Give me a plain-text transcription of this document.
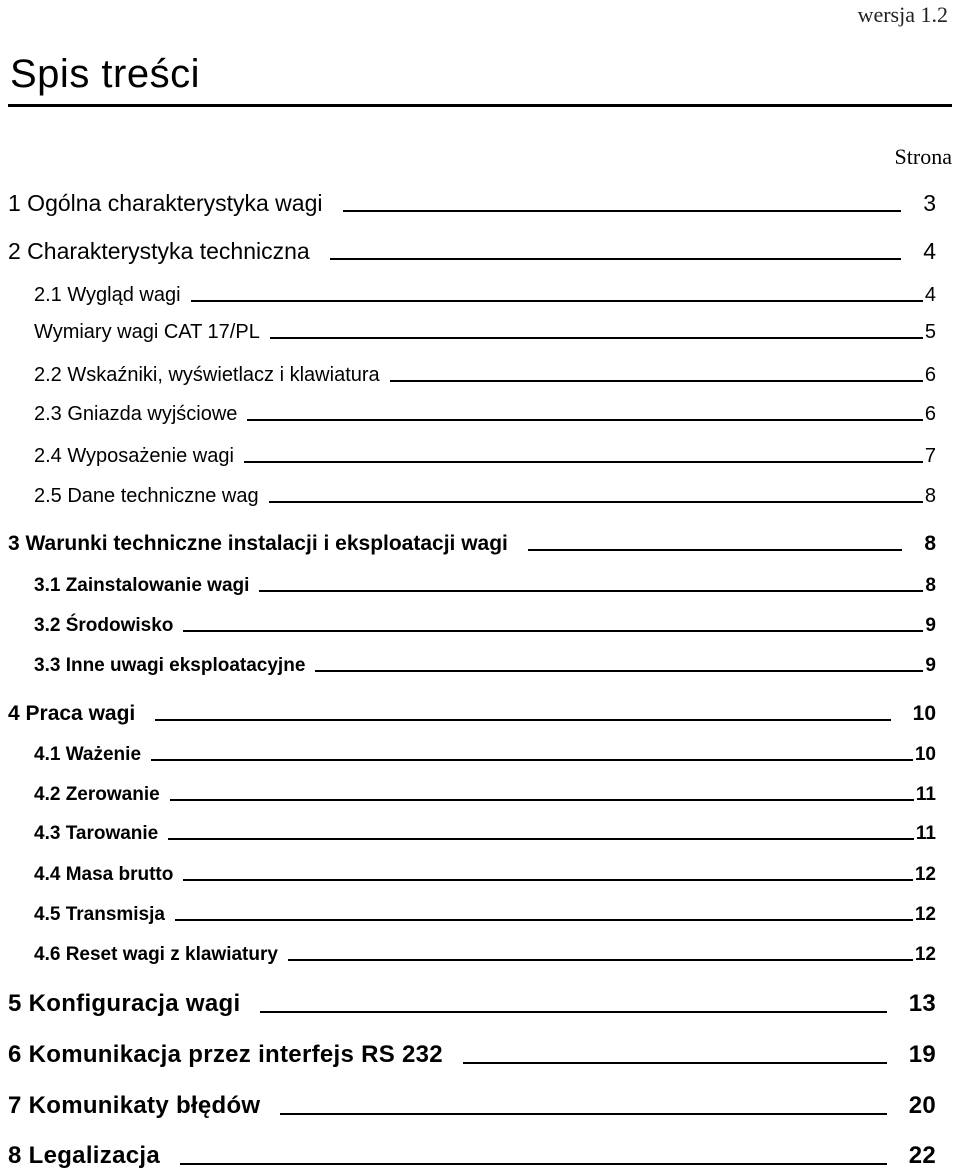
wersja 1.2
Spis treści
Strona
1 Ogólna charakterystyka wagi	3
2 Charakterystyka techniczna	4
2.1 Wygląd wagi	4
Wymiary wagi CAT 17/PL	5
2.2 Wskaźniki, wyświetlacz i klawiatura	6
2.3 Gniazda wyjściowe	6
2.4 Wyposażenie wagi	7
2.5 Dane techniczne wag	8
3 Warunki techniczne instalacji i eksploatacji wagi	8
3.1 Zainstalowanie wagi	8
3.2 Środowisko	9
3.3 Inne uwagi eksploatacyjne	9
4 Praca wagi	10
4.1 Ważenie	10
4.2 Zerowanie	11
4.3 Tarowanie	11
4.4 Masa brutto	12
4.5 Transmisja	12
4.6 Reset wagi z klawiatury	12
5 Konfiguracja wagi	13
6 Komunikacja przez interfejs RS 232	19
7 Komunikaty błędów	20
8 Legalizacja	22
